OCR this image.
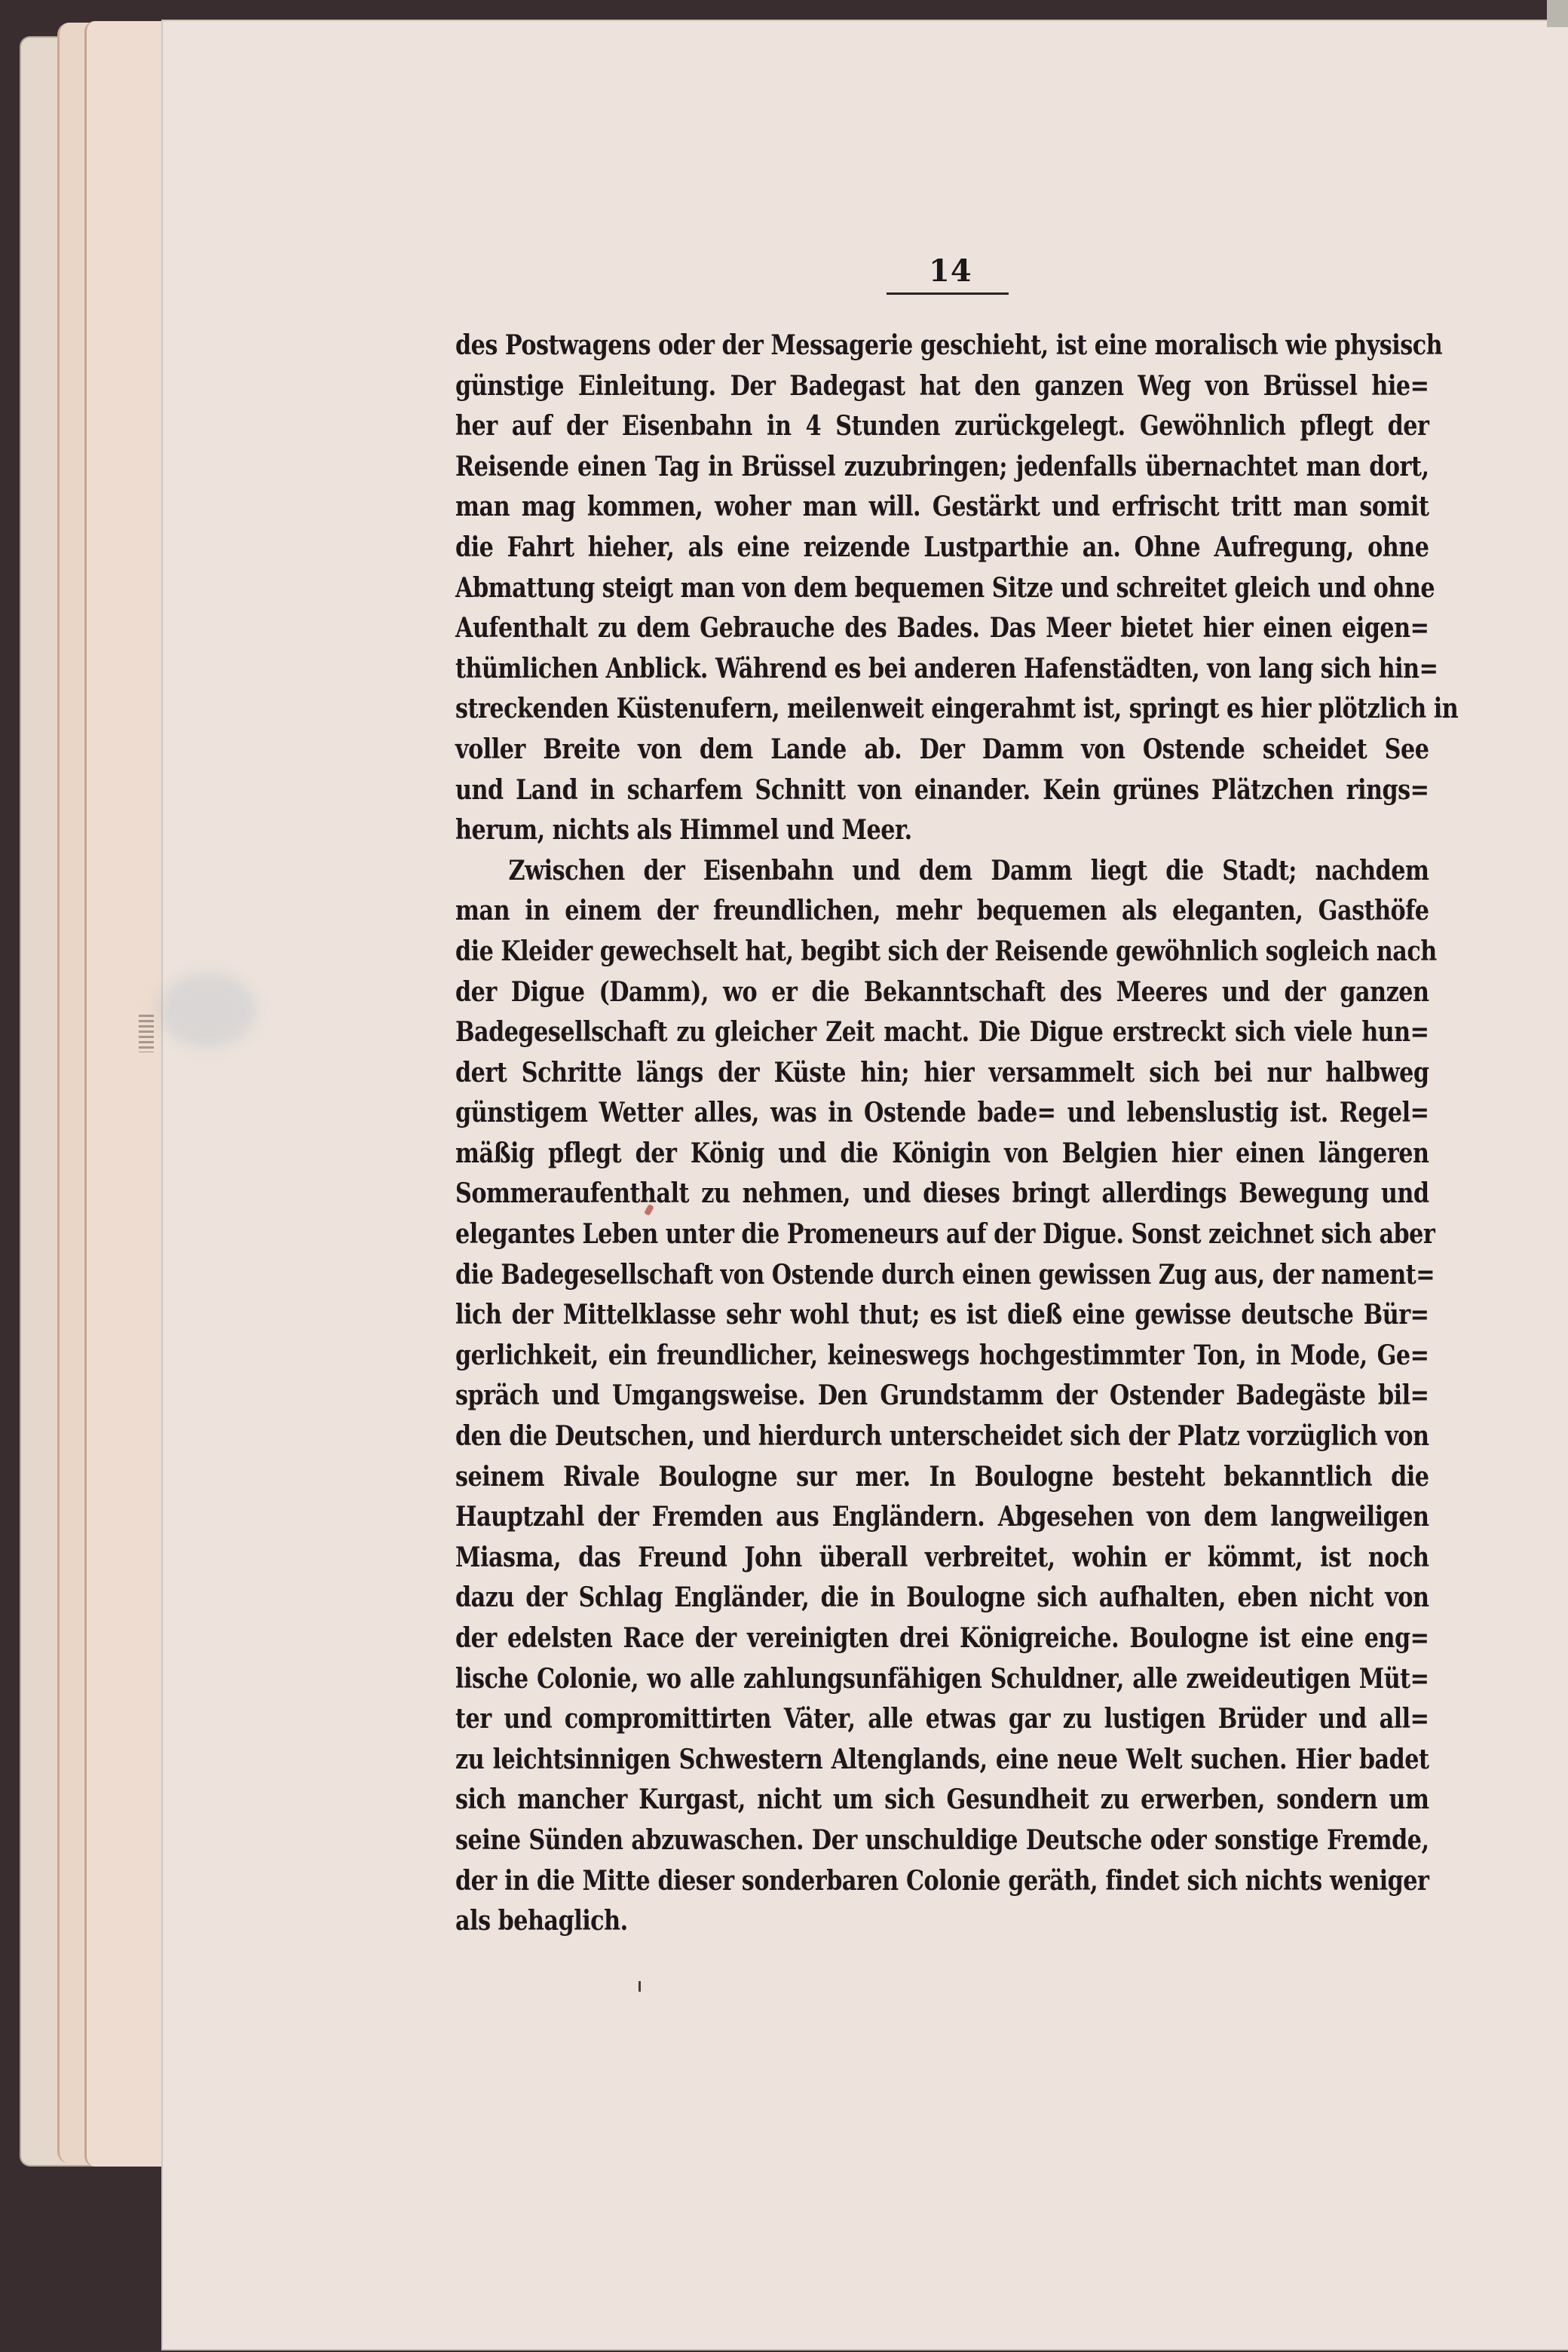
14
des Postwagens oder der Messagerie geschieht, ist eine moralisch wie physisch
günstige Einleitung. Der Badegast hat den ganzen Weg von Brüssel hie=
her auf der Eisenbahn in 4 Stunden zurückgelegt. Gewöhnlich pflegt der
Reisende einen Tag in Brüssel zuzubringen; jedenfalls übernachtet man dort,
man mag kommen, woher man will. Gestärkt und erfrischt tritt man somit
die Fahrt hieher, als eine reizende Lustparthie an. Ohne Aufregung, ohne
Abmattung steigt man von dem bequemen Sitze und schreitet gleich und ohne
Aufenthalt zu dem Gebrauche des Bades. Das Meer bietet hier einen eigen=
thümlichen Anblick. Während es bei anderen Hafenstädten, von lang sich hin=
streckenden Küstenufern, meilenweit eingerahmt ist, springt es hier plötzlich in
voller Breite von dem Lande ab. Der Damm von Ostende scheidet See
und Land in scharfem Schnitt von einander. Kein grünes Plätzchen rings=
herum, nichts als Himmel und Meer.
Zwischen der Eisenbahn und dem Damm liegt die Stadt; nachdem
man in einem der freundlichen, mehr bequemen als eleganten, Gasthöfe
die Kleider gewechselt hat, begibt sich der Reisende gewöhnlich sogleich nach
der Digue (Damm), wo er die Bekanntschaft des Meeres und der ganzen
Badegesellschaft zu gleicher Zeit macht. Die Digue erstreckt sich viele hun=
dert Schritte längs der Küste hin; hier versammelt sich bei nur halbweg
günstigem Wetter alles, was in Ostende bade= und lebenslustig ist. Regel=
mäßig pflegt der König und die Königin von Belgien hier einen längeren
Sommeraufenthalt zu nehmen, und dieses bringt allerdings Bewegung und
elegantes Leben unter die Promeneurs auf der Digue. Sonst zeichnet sich aber
die Badegesellschaft von Ostende durch einen gewissen Zug aus, der nament=
lich der Mittelklasse sehr wohl thut; es ist dieß eine gewisse deutsche Bür=
gerlichkeit, ein freundlicher, keineswegs hochgestimmter Ton, in Mode, Ge=
spräch und Umgangsweise. Den Grundstamm der Ostender Badegäste bil=
den die Deutschen, und hierdurch unterscheidet sich der Platz vorzüglich von
seinem Rivale Boulogne sur mer. In Boulogne besteht bekanntlich die
Hauptzahl der Fremden aus Engländern. Abgesehen von dem langweiligen
Miasma, das Freund John überall verbreitet, wohin er kömmt, ist noch
dazu der Schlag Engländer, die in Boulogne sich aufhalten, eben nicht von
der edelsten Race der vereinigten drei Königreiche. Boulogne ist eine eng=
lische Colonie, wo alle zahlungsunfähigen Schuldner, alle zweideutigen Müt=
ter und compromittirten Väter, alle etwas gar zu lustigen Brüder und all=
zu leichtsinnigen Schwestern Altenglands, eine neue Welt suchen. Hier badet
sich mancher Kurgast, nicht um sich Gesundheit zu erwerben, sondern um
seine Sünden abzuwaschen. Der unschuldige Deutsche oder sonstige Fremde,
der in die Mitte dieser sonderbaren Colonie geräth, findet sich nichts weniger
als behaglich.
